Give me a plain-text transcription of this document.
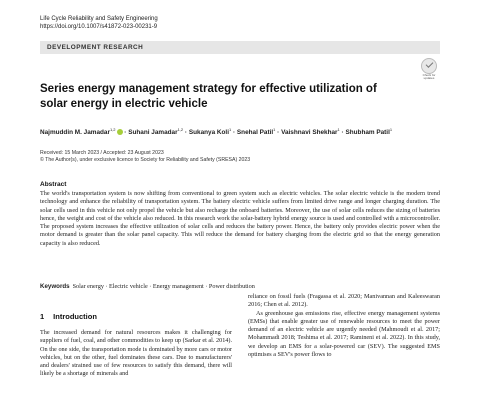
Life Cycle Reliability and Safety Engineering
https://doi.org/10.1007/s41872-023-00231-9
DEVELOPMENT RESEARCH
Check for updates
Series energy management strategy for effective utilization of solar energy in electric vehicle
Najmuddin M. Jamadar$^{1,2}$ · Suhani Jamadar$^{1,2}$ · Sukanya Koli$^1$ · Snehal Patil$^1$ · Vaishnavi Shekhar$^1$ · Shubham Patil$^1$
Received: 15 March 2023 / Accepted: 23 August 2023
© The Author(s), under exclusive licence to Society for Reliability and Safety (SRESA) 2023
Abstract
The world's transportation system is now shifting from conventional to green system such as electric vehicles. The solar electric vehicle is the modern trend technology and enhance the reliability of transportation system. The battery electric vehicle suffers from limited drive range and longer charging duration. The solar cells used in this vehicle not only propel the vehicle but also recharge the onboard batteries. Moreover, the use of solar cells reduces the sizing of batteries hence, the weight and cost of the vehicle also reduced. In this research work the solar-battery hybrid energy source is used and controlled with a microcontroller. The proposed system increases the effective utilization of solar cells and reduces the battery power. Hence, the battery only provides electric power when the motor demand is greater than the solar panel capacity. This will reduce the demand for battery charging from the electric grid so that the energy generation capacity is also reduced.
Keywords Solar energy · Electric vehicle · Energy management · Power distribution
1 Introduction
The increased demand for natural resources makes it challenging for suppliers of fuel, coal, and other commodities to keep up (Sarkar et al. 2014). On the one side, the transportation mode is dominated by more cars or motor vehicles, but on the other, fuel dominates these cars. Due to manufacturers' and dealers' strained use of few resources to satisfy this demand, there will likely be a shortage of minerals and

reliance on fossil fuels (Fragassa et al. 2020; Manivannan and Kaleeswaran 2016; Chen et al. 2012).

As greenhouse gas emissions rise, effective energy management systems (EMSs) that enable greater use of renewable resources to meet the power demand of an electric vehicle are urgently needed (Mahmoudi et al. 2017; Mohammadi 2018; Teshima et al. 2017; Ramineni et al. 2022). In this study, we develop an EMS for a solar-powered car (SEV). The suggested EMS optimises a SEV's power flows to
